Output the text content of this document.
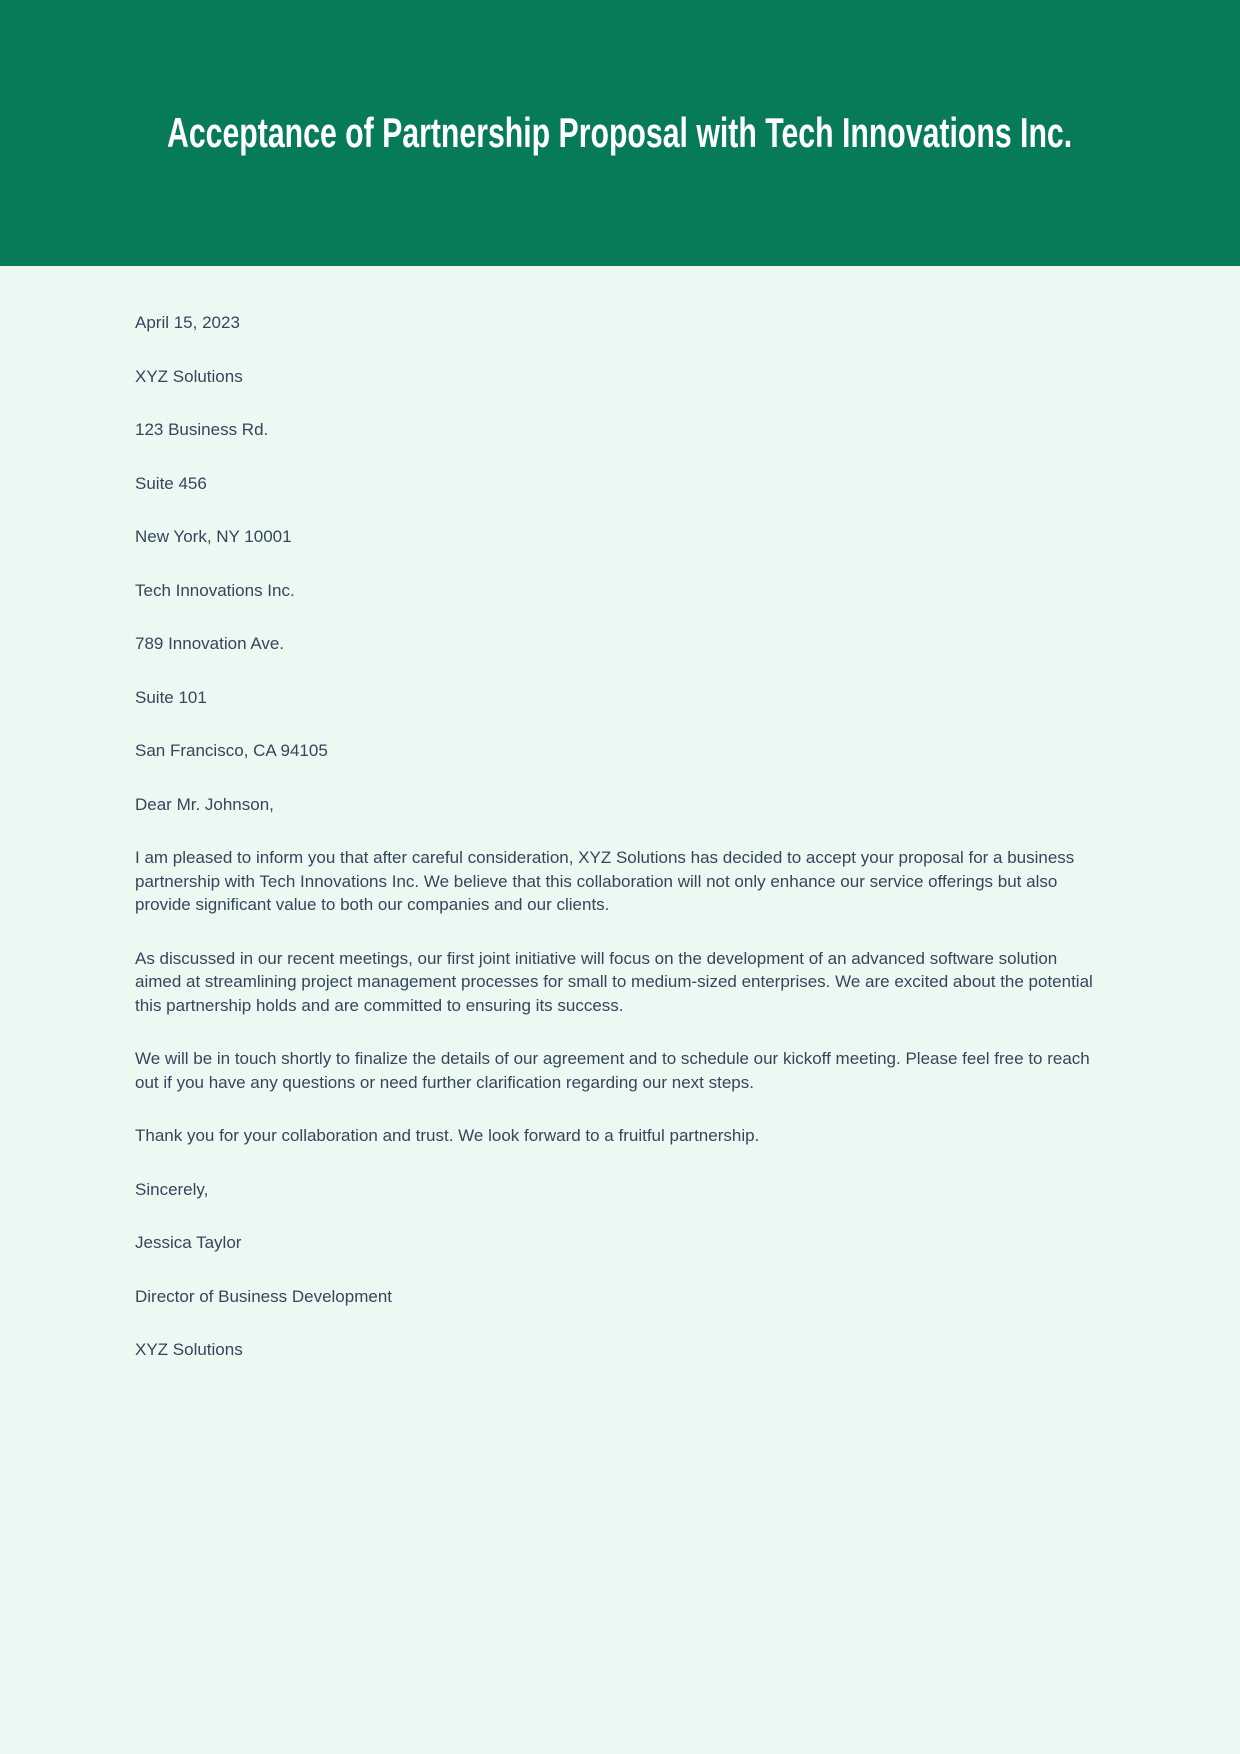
Acceptance of Partnership Proposal with Tech Innovations Inc.

April 15, 2023

XYZ Solutions

123 Business Rd.

Suite 456

New York, NY 10001

Tech Innovations Inc.

789 Innovation Ave.

Suite 101

San Francisco, CA 94105

Dear Mr. Johnson,

I am pleased to inform you that after careful consideration, XYZ Solutions has decided to accept your proposal for a business partnership with Tech Innovations Inc. We believe that this collaboration will not only enhance our service offerings but also provide significant value to both our companies and our clients.

As discussed in our recent meetings, our first joint initiative will focus on the development of an advanced software solution aimed at streamlining project management processes for small to medium-sized enterprises. We are excited about the potential this partnership holds and are committed to ensuring its success.

We will be in touch shortly to finalize the details of our agreement and to schedule our kickoff meeting. Please feel free to reach out if you have any questions or need further clarification regarding our next steps.

Thank you for your collaboration and trust. We look forward to a fruitful partnership.

Sincerely,

Jessica Taylor

Director of Business Development

XYZ Solutions
